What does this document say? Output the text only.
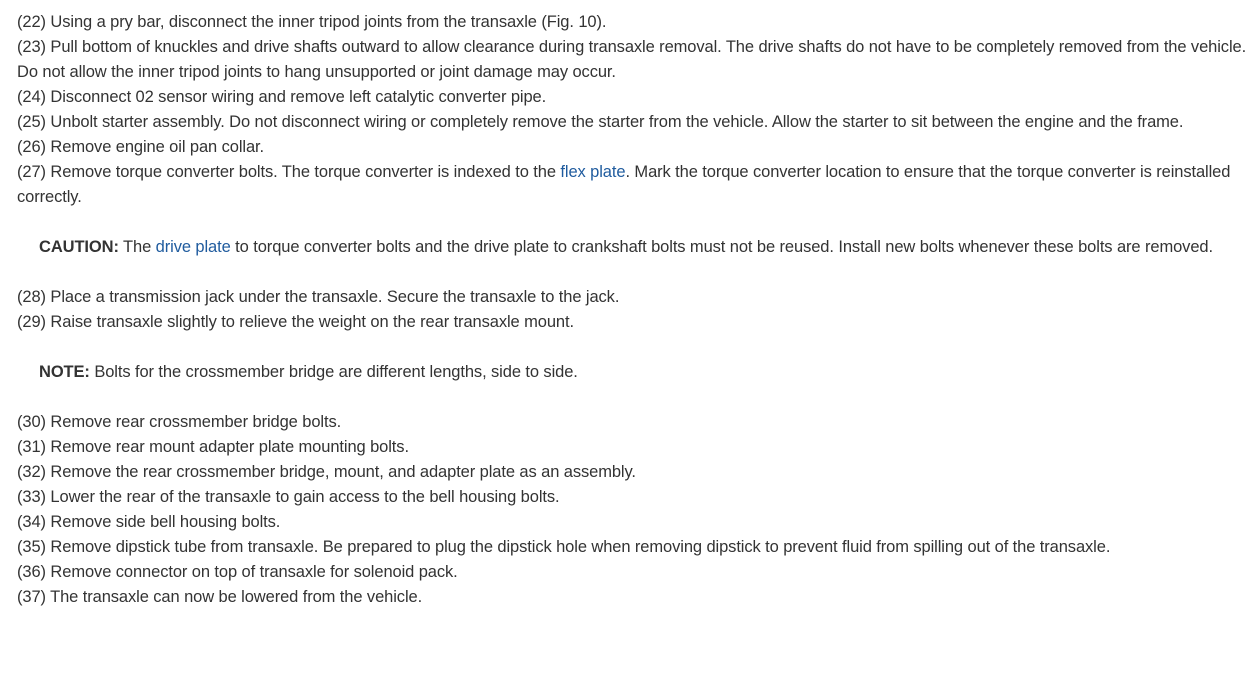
(22) Using a pry bar, disconnect the inner tripod joints from the transaxle (Fig. 10).

(23) Pull bottom of knuckles and drive shafts outward to allow clearance during transaxle removal. The drive shafts do not have to be completely removed from the vehicle. Do not allow the inner tripod joints to hang unsupported or joint damage may occur.

(24) Disconnect 02 sensor wiring and remove left catalytic converter pipe.

(25) Unbolt starter assembly. Do not disconnect wiring or completely remove the starter from the vehicle. Allow the starter to sit between the engine and the frame.

(26) Remove engine oil pan collar.

(27) Remove torque converter bolts. The torque converter is indexed to the flex plate. Mark the torque converter location to ensure that the torque converter is reinstalled correctly.

CAUTION: The drive plate to torque converter bolts and the drive plate to crankshaft bolts must not be reused. Install new bolts whenever these bolts are removed.

(28) Place a transmission jack under the transaxle. Secure the transaxle to the jack.

(29) Raise transaxle slightly to relieve the weight on the rear transaxle mount.

NOTE: Bolts for the crossmember bridge are different lengths, side to side.

(30) Remove rear crossmember bridge bolts.

(31) Remove rear mount adapter plate mounting bolts.

(32) Remove the rear crossmember bridge, mount, and adapter plate as an assembly.

(33) Lower the rear of the transaxle to gain access to the bell housing bolts.

(34) Remove side bell housing bolts.

(35) Remove dipstick tube from transaxle. Be prepared to plug the dipstick hole when removing dipstick to prevent fluid from spilling out of the transaxle.

(36) Remove connector on top of transaxle for solenoid pack.

(37) The transaxle can now be lowered from the vehicle.
